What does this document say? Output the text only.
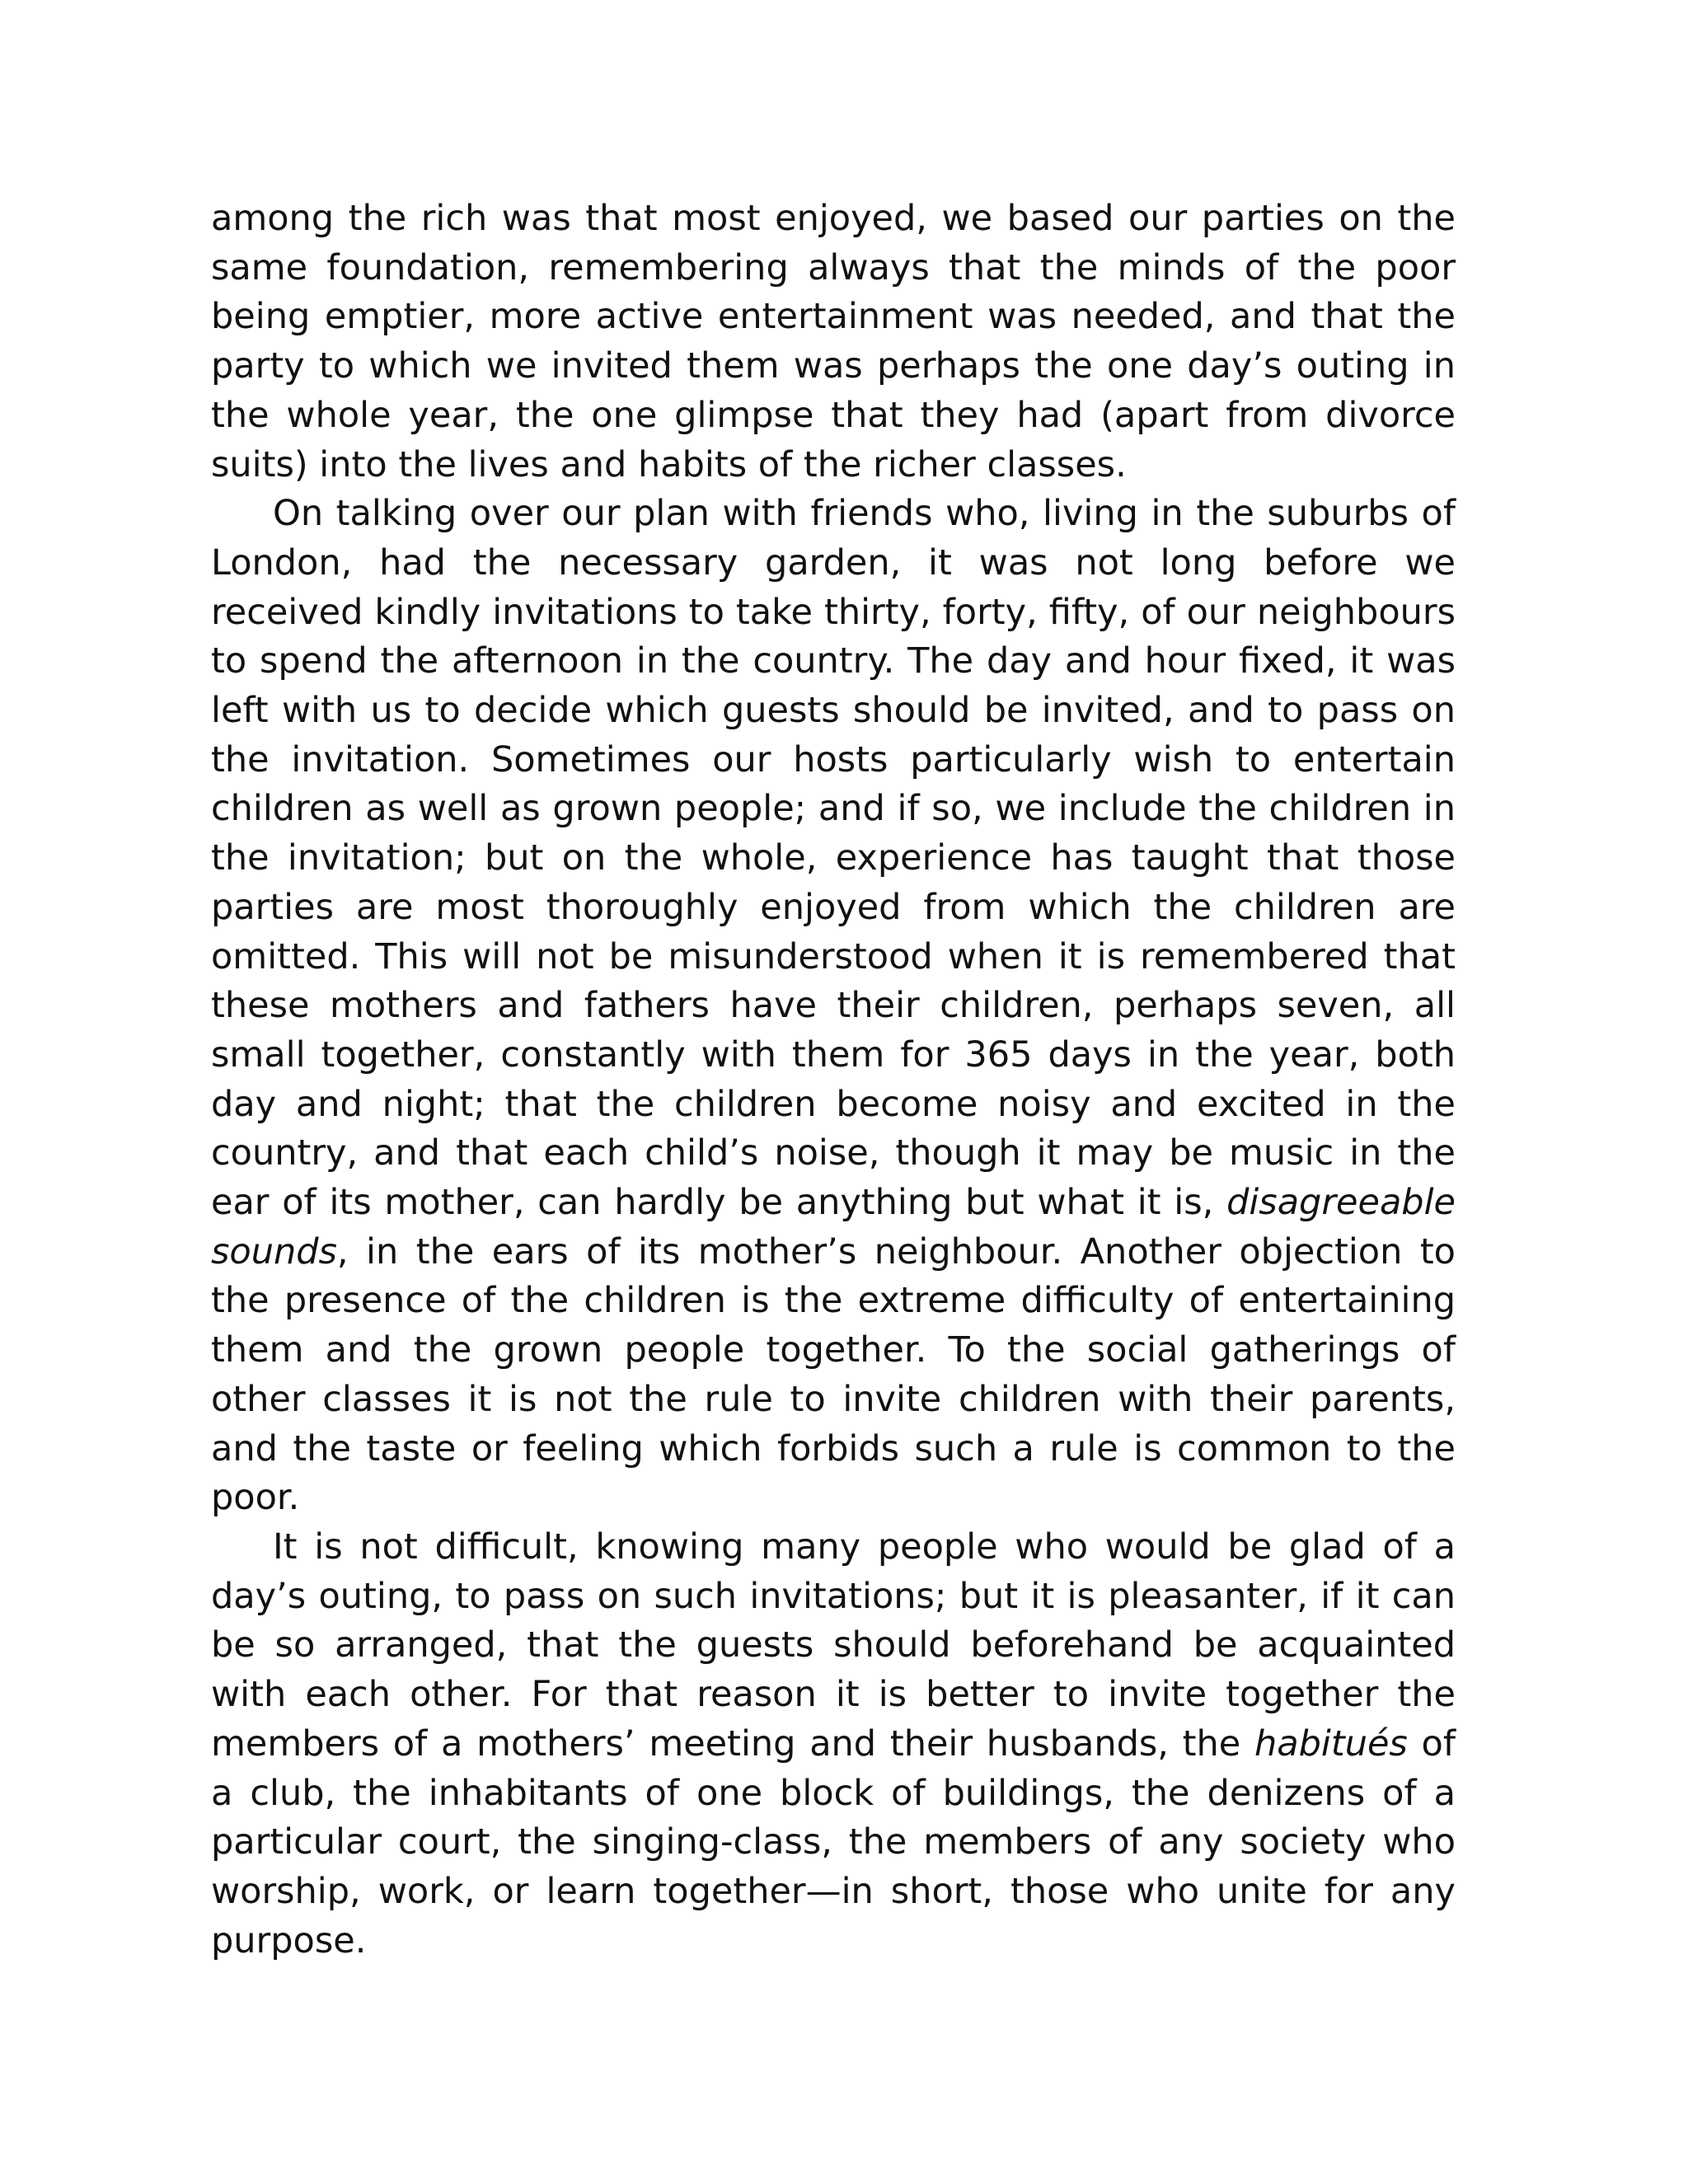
among the rich was that most enjoyed, we based our parties on the same foundation, remembering always that the minds of the poor being emptier, more active entertainment was needed, and that the party to which we invited them was perhaps the one day’s outing in the whole year, the one glimpse that they had (apart from divorce suits) into the lives and habits of the richer classes.

On talking over our plan with friends who, living in the suburbs of London, had the necessary garden, it was not long before we received kindly invitations to take thirty, forty, fifty, of our neighbours to spend the afternoon in the country. The day and hour fixed, it was left with us to decide which guests should be invited, and to pass on the invitation. Sometimes our hosts particularly wish to entertain children as well as grown people; and if so, we include the children in the invitation; but on the whole, experience has taught that those parties are most thoroughly enjoyed from which the children are omitted. This will not be misunderstood when it is remembered that these mothers and fathers have their children, perhaps seven, all small together, constantly with them for 365 days in the year, both day and night; that the children become noisy and excited in the country, and that each child’s noise, though it may be music in the ear of its mother, can hardly be anything but what it is, disagreeable sounds, in the ears of its mother’s neighbour. Another objection to the presence of the children is the extreme difficulty of entertaining them and the grown people together. To the social gatherings of other classes it is not the rule to invite children with their parents, and the taste or feeling which forbids such a rule is common to the poor.

It is not difficult, knowing many people who would be glad of a day’s outing, to pass on such invitations; but it is pleasanter, if it can be so arranged, that the guests should beforehand be acquainted with each other. For that reason it is better to invite together the members of a mothers’ meeting and their husbands, the habitués of a club, the inhabitants of one block of buildings, the denizens of a particular court, the singing-class, the members of any society who worship, work, or learn together—in short, those who unite for any purpose.
